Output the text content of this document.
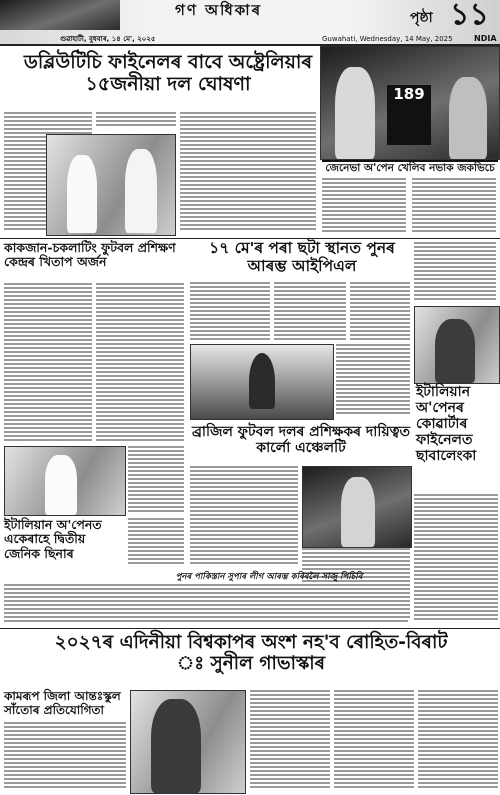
গণ অধিকাৰ
গুৱাহাটী, বুধবাৰ, ১৪ মে', ২০২৫
পৃষ্ঠা ১১
NDIA
ডব্লিউটিচি ফাইনেলৰ বাবে অষ্ট্ৰেলিয়াৰ ১৫জনীয়া দল ঘোষণা	189
জেনেভা অ'পেন খেলিব নভাক জকভিচে
কাকজান-চকলাটিং ফুটবল প্ৰশিক্ষণ কেন্দ্ৰৰ খিতাপ অৰ্জন
১৭ মে'ৰ পৰা ছটা স্থানত পুনৰ আৰম্ভ আইপিএল
ইটালিয়ান অ'পেনৰ কোৱাৰ্টাৰ ফাইনেলত ছাবালেংকা
ব্ৰাজিল ফুটবল দলৰ প্ৰশিক্ষকৰ দায়িত্বত কাৰ্লো এঞ্চেলটি
ইটালিয়ান অ'পেনত একেৰাহে দ্বিতীয় জেনিক ছিনাৰ
পুনৰ পাকিস্তান সুপাৰ লীগ আৰম্ভ কৰিবলৈ সাজু পিচিবি
২০২৭ৰ এদিনীয়া বিশ্বকাপৰ অংশ নহ'ব ৰোহিত-বিৰাট ঃ সুনীল গাভাস্কাৰ
কামৰূপ জিলা আন্তঃস্কুল সাঁতোৰ প্ৰতিযোগিতা
Guwahati, Wednesday, 14 May, 2025
